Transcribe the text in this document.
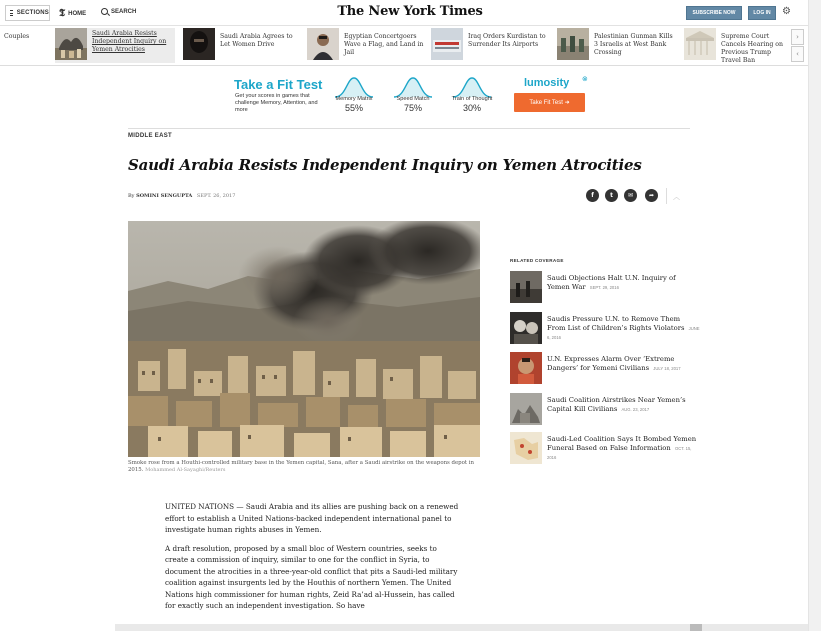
SECTIONS 𝕿 HOME	SEARCH	The New York Times	SUBSCRIBE NOW	LOG IN	⚙
Couples	Saudi Arabia Resists Independent Inquiry on Yemen Atrocities
Saudi Arabia Agrees to Let Women Drive
Egyptian Concertgoers Wave a Flag, and Land in Jail
Iraq Orders Kurdistan to Surrender Its Airports
Palestinian Gunman Kills 3 Israelis at West Bank Crossing
Supreme Court Cancels Hearing on Previous Trump Travel Ban
›
‹
Take a Fit Test
Get your scores in games that challenge Memory, Attention, and more
Memory Matrix
55%
Speed Match
75%
Train of Thought
30%
lumosity ⊗
Take Fit Test ➜
MIDDLE EAST
Saudi Arabia Resists Independent Inquiry on Yemen Atrocities
By SOMINI SENGUPTA SEPT. 26, 2017	f	t	✉	➦	︿
Smoke rose from a Houthi-controlled military base in the Yemen capital, Sana, after a Saudi airstrike on the weapons depot in 2015. Mohammed Al-Sayaghi/Reuters

UNITED NATIONS — Saudi Arabia and its allies are pushing back on a renewed effort to establish a United Nations-backed independent international panel to investigate human rights abuses in Yemen.

A draft resolution, proposed by a small bloc of Western countries, seeks to create a commission of inquiry, similar to one for the conflict in Syria, to document the atrocities in a three-year-old conflict that pits a Saudi-led military coalition against insurgents led by the Houthis of northern Yemen. The United Nations high commissioner for human rights, Zeid Ra’ad al-Hussein, has called for exactly such an independent investigation. So have

RELATED COVERAGE
Saudi Objections Halt U.N. Inquiry of Yemen War SEPT. 29, 2016
Saudis Pressure U.N. to Remove Them From List of Children’s Rights Violators JUNE 6, 2016
U.N. Expresses Alarm Over ‘Extreme Dangers’ for Yemeni Civilians JULY 18, 2017
Saudi Coalition Airstrikes Near Yemen’s Capital Kill Civilians AUG. 23, 2017
Saudi-Led Coalition Says It Bombed Yemen Funeral Based on False Information OCT. 15, 2016
